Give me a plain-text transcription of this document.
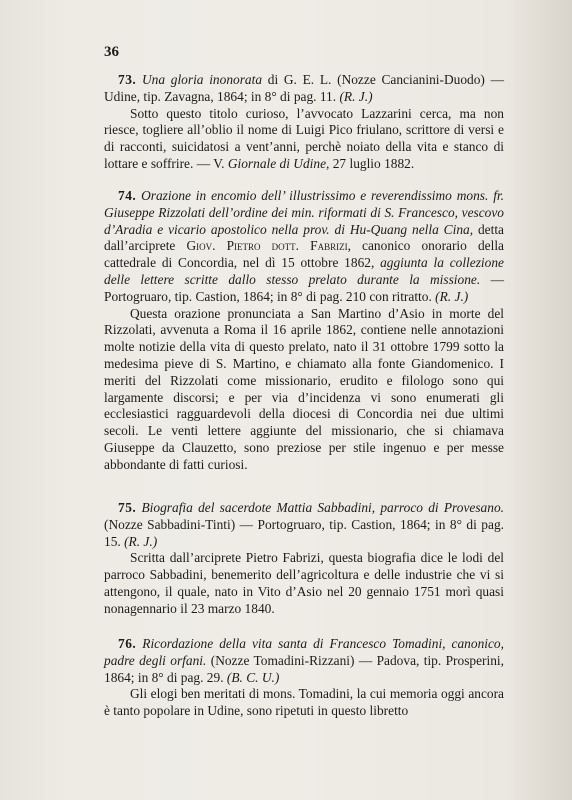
36

73. Una gloria inonorata di G. E. L. (Nozze Cancianini-Duodo) — Udine, tip. Zavagna, 1864; in 8° di pag. 11. (R. J.)

Sotto questo titolo curioso, l’avvocato Lazzarini cerca, ma non riesce, togliere all’oblio il nome di Luigi Pico friulano, scrittore di versi e di racconti, suicidatosi a vent’anni, perchè noiato della vita e stanco di lottare e soffrire. — V. Giornale di Udine, 27 luglio 1882.

74. Orazione in encomio dell’ illustrissimo e reverendissimo mons. fr. Giuseppe Rizzolati dell’ordine dei min. riformati di S. Francesco, vescovo d’Aradia e vicario apostolico nella prov. di Hu-Quang nella Cina, detta dall’arciprete Giov. Pietro dott. Fabrizi, canonico onorario della cattedrale di Concordia, nel dì 15 ottobre 1862, aggiunta la collezione delle lettere scritte dallo stesso prelato durante la missione. — Portogruaro, tip. Castion, 1864; in 8° di pag. 210 con ritratto. (R. J.)

Questa orazione pronunciata a San Martino d’Asio in morte del Rizzolati, avvenuta a Roma il 16 aprile 1862, contiene nelle annotazioni molte notizie della vita di questo prelato, nato il 31 ottobre 1799 sotto la medesima pieve di S. Martino, e chiamato alla fonte Giandomenico. I meriti del Rizzolati come missionario, erudito e filologo sono qui largamente discorsi; e per via d’incidenza vi sono enumerati gli ecclesiastici ragguardevoli della diocesi di Concordia nei due ultimi secoli. Le venti lettere aggiunte del missionario, che si chiamava Giuseppe da Clauzetto, sono preziose per stile ingenuo e per messe abbondante di fatti curiosi.

75. Biografia del sacerdote Mattia Sabbadini, parroco di Provesano. (Nozze Sabbadini-Tinti) — Portogruaro, tip. Castion, 1864; in 8° di pag. 15. (R. J.)

Scritta dall’arciprete Pietro Fabrizi, questa biografia dice le lodi del parroco Sabbadini, benemerito dell’agricoltura e delle industrie che vi si attengono, il quale, nato in Vito d’Asio nel 20 gennaio 1751 morì quasi nonagennario il 23 marzo 1840.

76. Ricordazione della vita santa di Francesco Tomadini, canonico, padre degli orfani. (Nozze Tomadini-Rizzani) — Padova, tip. Prosperini, 1864; in 8° di pag. 29. (B. C. U.)

Gli elogi ben meritati di mons. Tomadini, la cui memoria oggi ancora è tanto popolare in Udine, sono ripetuti in questo libretto
